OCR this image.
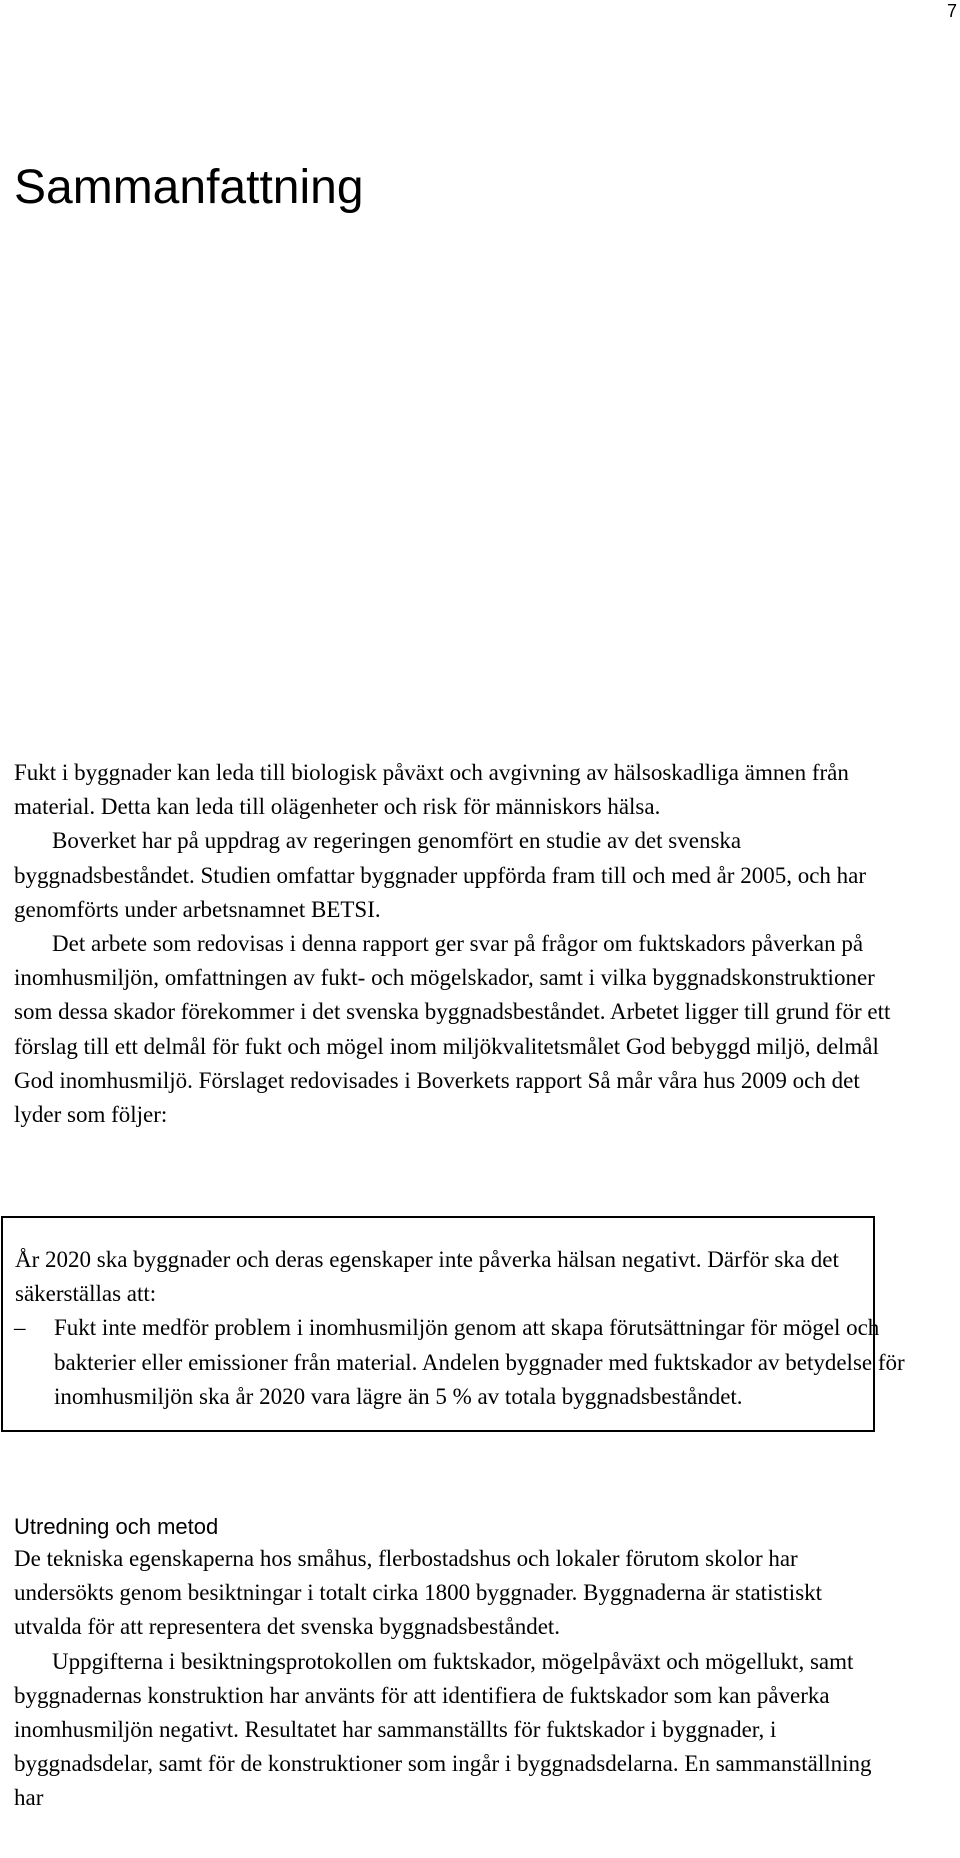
7
Sammanfattning

Fukt i byggnader kan leda till biologisk påväxt och avgivning av hälsoskadliga ämnen från material. Detta kan leda till olägenheter och risk för människors hälsa.

Boverket har på uppdrag av regeringen genomfört en studie av det svenska byggnadsbeståndet. Studien omfattar byggnader uppförda fram till och med år 2005, och har genomförts under arbetsnamnet BETSI.

Det arbete som redovisas i denna rapport ger svar på frågor om fuktskadors påverkan på inomhusmiljön, omfattningen av fukt- och mögelskador, samt i vilka byggnadskonstruktioner som dessa skador förekommer i det svenska byggnadsbeståndet. Arbetet ligger till grund för ett förslag till ett delmål för fukt och mögel inom miljökvalitetsmålet God bebyggd miljö, delmål God inomhusmiljö. Förslaget redovisades i Boverkets rapport Så mår våra hus 2009 och det lyder som följer:

År 2020 ska byggnader och deras egenskaper inte påverka hälsan negativt. Därför ska det säkerställas att:

– Fukt inte medför problem i inomhusmiljön genom att skapa förutsättningar för mögel och bakterier eller emissioner från material. Andelen byggnader med fuktskador av betydelse för inomhusmiljön ska år 2020 vara lägre än 5 % av totala byggnadsbeståndet.
Utredning och metod

De tekniska egenskaperna hos småhus, flerbostadshus och lokaler förutom skolor har undersökts genom besiktningar i totalt cirka 1800 byggnader. Byggnaderna är statistiskt utvalda för att representera det svenska byggnadsbeståndet.

Uppgifterna i besiktningsprotokollen om fuktskador, mögelpåväxt och mögellukt, samt byggnadernas konstruktion har använts för att identifiera de fuktskador som kan påverka inomhusmiljön negativt. Resultatet har sammanställts för fuktskador i byggnader, i byggnadsdelar, samt för de konstruktioner som ingår i byggnadsdelarna. En sammanställning har
